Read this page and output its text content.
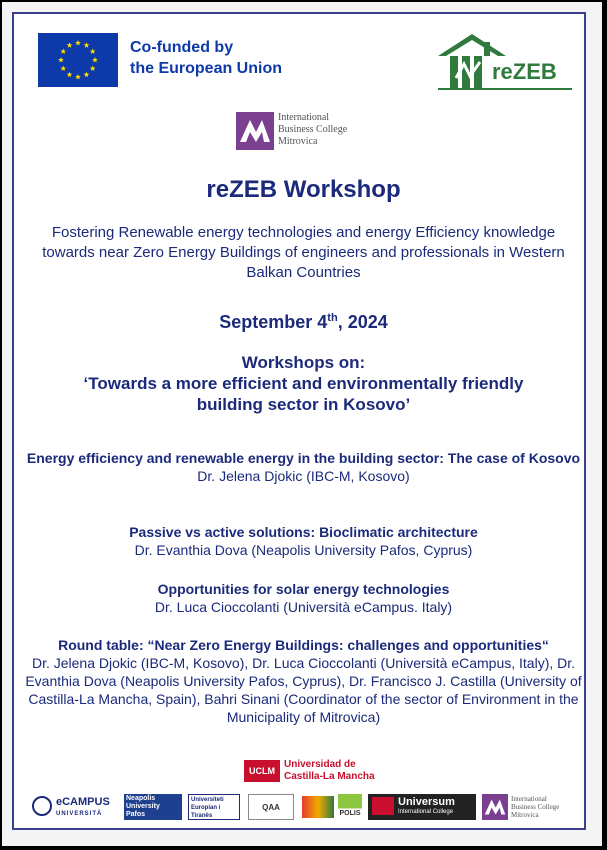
Co-funded by
the European Union	reZEB
International
Business College
Mitrovica
reZEB Workshop
Fostering Renewable energy technologies and energy Efficiency knowledge towards near Zero Energy Buildings of engineers and professionals in Western Balkan Countries
September 4th, 2024
Workshops on:
‘Towards a more efficient and environmentally friendly
building sector in Kosovo’
Energy efficiency and renewable energy in the building sector: The case of Kosovo
Dr. Jelena Djokic (IBC-M, Kosovo)
Passive vs active solutions: Bioclimatic architecture
Dr. Evanthia Dova (Neapolis University Pafos, Cyprus)
Opportunities for solar energy technologies
Dr. Luca Cioccolanti (Università eCampus. Italy)
Round table: “Near Zero Energy Buildings: challenges and opportunities“
Dr. Jelena Djokic (IBC-M, Kosovo), Dr. Luca Cioccolanti (Università eCampus, Italy), Dr. Evanthia Dova (Neapolis University Pafos, Cyprus), Dr. Francisco J. Castilla (University of Castilla-La Mancha, Spain), Bahri Sinani (Coordinator of the sector of Environment in the Municipality of Mitrovica)
UCLM
Universidad de
Castilla-La Mancha
eCAMPUS
UNIVERSITÀ
Neapolis University Pafos
Universiteti Europian i Tiranës
QAA
POLIS
Universum
International College
International
Business College
Mitrovica
